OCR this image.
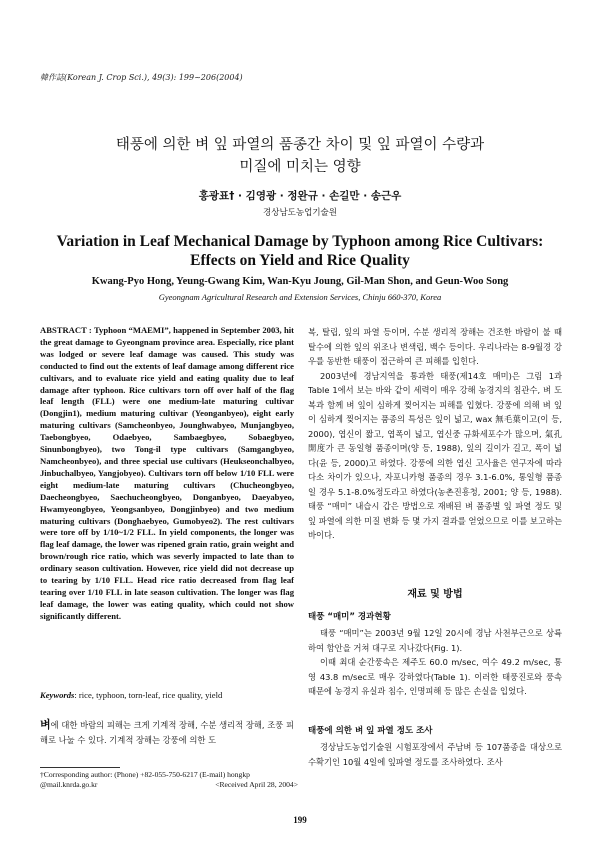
韓作誌(Korean J. Crop Sci.), 49(3): 199~206(2004)
태풍에 의한 벼 잎 파열의 품종간 차이 및 잎 파열이 수량과
미질에 미치는 영향
홍광표† · 김영광 · 정완규 · 손길만 · 송근우
경상남도농업기술원
Variation in Leaf Mechanical Damage by Typhoon among Rice Cultivars:
Effects on Yield and Rice Quality
Kwang-Pyo Hong, Yeung-Gwang Kim, Wan-Kyu Joung, Gil-Man Shon, and Geun-Woo Song
Gyeongnam Agricultural Research and Extension Services, Chinju 660-370, Korea
ABSTRACT : Typhoon “MAEMI”, happened in September 2003, hit the great damage to Gyeongnam province area. Especially, rice plant was lodged or severe leaf damage was caused. This study was conducted to find out the extents of leaf damage among different rice cultivars, and to evaluate rice yield and eating quality due to leaf damage after typhoon. Rice cultivars torn off over half of the flag leaf length (FLL) were one medium-late maturing cultivar (Dongjin1), medium maturing cultivar (Yeonganbyeo), eight early maturing cultivars (Samcheonbyeo, Jounghwabyeo, Munjangbyeo, Taebongbyeo, Odaebyeo, Sambaegbyeo, Sobaegbyeo, Sinunbongbyeo), two Tong-il type cultivars (Samgangbyeo, Namcheonbyeo), and three special use cultivars (Heukseonchalbyeo, Jinbuchalbyeo, Yangjobyeo). Cultivars torn off below 1/10 FLL were eight medium-late maturing cultivars (Chucheongbyeo, Daecheongbyeo, Saechucheongbyeo, Donganbyeo, Daeyabyeo, Hwamyeongbyeo, Yeongsanbyeo, Dongjinbyeo) and two medium maturing cultivars (Donghaebyeo, Gumobyeo2). The rest cultivars were tore off by 1/10~1/2 FLL. In yield components, the longer was flag leaf damage, the lower was ripened grain ratio, grain weight and brown/rough rice ratio, which was severly impacted to late than to ordinary season cultivation. However, rice yield did not decrease up to tearing by 1/10 FLL. Head rice ratio decreased from flag leaf tearing over 1/10 FLL in late season cultivation. The longer was flag leaf damage, the lower was eating quality, which could not show significantly different.
Keywords: rice, typhoon, torn-leaf, rice quality, yield
벼에 대한 바람의 피해는 크게 기계적 장해, 수분 생리적 장해, 조풍 피해로 나눌 수 있다. 기계적 장해는 강풍에 의한 도
†Corresponding author: (Phone) +82-055-750-6217 (E-mail) hongkp
@mail.knrda.go.kr	<Received April 28, 2004>

복, 탈립, 잎의 파열 등이며, 수분 생리적 장해는 건조한 바람이 불 때 탈수에 의한 잎의 위조나 변색립, 백수 등이다. 우리나라는 8-9월경 강우를 동반한 태풍이 접근하여 큰 피해를 입힌다.

2003년에 경남지역을 통과한 태풍(제14호 매미)은 그림 1과 Table 1에서 보는 바와 같이 세력이 매우 강해 농경지의 침관수, 벼 도복과 함께 벼 잎이 심하게 찢어지는 피해를 입혔다. 강풍에 의해 벼 잎이 심하게 찢어지는 품종의 특성은 잎이 넓고, wax 無毛葉이고(이 등, 2000), 엽신이 짧고, 엽폭이 넓고, 엽신중 규화세포수가 많으며, 氣孔開度가 큰 동일형 품종이며(양 등, 1988), 잎의 길이가 길고, 폭이 넓다(윤 등, 2000)고 하였다. 강풍에 의한 엽신 고사율은 연구자에 따라 다소 차이가 있으나, 자포니카형 품종의 경우 3.1-6.0%, 통일형 품종일 경우 5.1-8.0%정도라고 하였다(농촌진흥청, 2001; 양 등, 1988). 태풍 “매미” 내습시 갑은 방법으로 재배된 벼 품종별 잎 파열 정도 및 잎 파열에 의한 미질 변화 등 몇 가지 결과를 얻었으므로 이를 보고하는 바이다.

재료 및 방법
태풍 “매미” 경과현황

태풍 “매미”는 2003년 9월 12일 20시에 경남 사천부근으로 상륙하여 함안을 거쳐 대구로 지나갔다(Fig. 1).

이때 최대 순간풍속은 제주도 60.0 m/sec, 여수 49.2 m/sec, 통영 43.8 m/sec로 매우 강하였다(Table 1). 이러한 태풍진로와 풍속 때문에 농경지 유실과 침수, 인명피해 등 많은 손실을 입었다.

태풍에 의한 벼 잎 파열 정도 조사

경상남도농업기술원 시험포장에서 주남벼 등 107품종을 대상으로 수확기인 10월 4일에 잎파열 정도를 조사하였다. 조사

199
